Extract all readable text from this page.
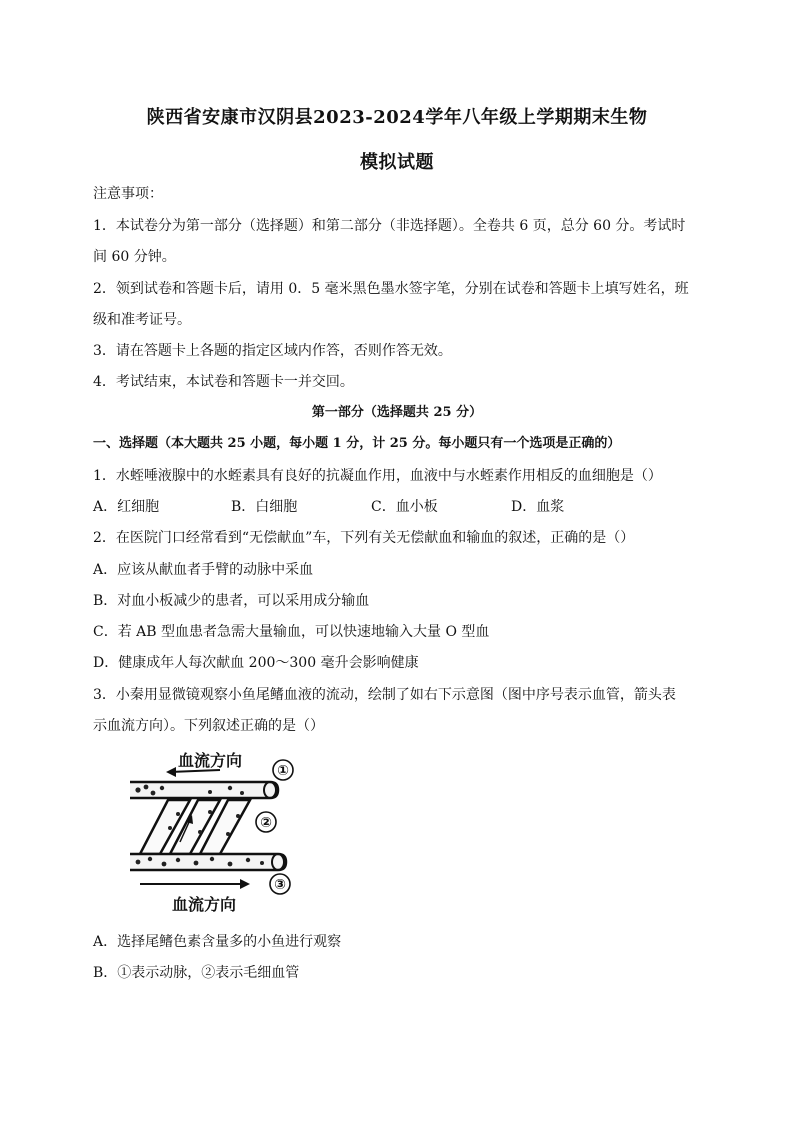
陕西省安康市汉阴县2023-2024学年八年级上学期期末生物
模拟试题
注意事项：
1．本试卷分为第一部分（选择题）和第二部分（非选择题）。全卷共 6 页，总分 60 分。考试时
间 60 分钟。
2．领到试卷和答题卡后，请用 0．5 毫米黑色墨水签字笔，分别在试卷和答题卡上填写姓名，班
级和准考证号。
3．请在答题卡上各题的指定区域内作答，否则作答无效。
4．考试结束，本试卷和答题卡一并交回。
第一部分（选择题共 25 分）
一、选择题（本大题共 25 小题，每小题 1 分，计 25 分。每小题只有一个选项是正确的）
1．水蛭唾液腺中的水蛭素具有良好的抗凝血作用，血液中与水蛭素作用相反的血细胞是（）
A．红细胞	B．白细胞	C．血小板	D．血浆
2．在医院门口经常看到“无偿献血”车，下列有关无偿献血和输血的叙述，正确的是（）
A．应该从献血者手臂的动脉中采血
B．对血小板减少的患者，可以采用成分输血
C．若 AB 型血患者急需大量输血，可以快速地输入大量 O 型血
D．健康成年人每次献血 200～300 毫升会影响健康
3．小秦用显微镜观察小鱼尾鳍血液的流动，绘制了如右下示意图（图中序号表示血管，箭头表
示血流方向）。下列叙述正确的是（）
血流方向
①
②
③
血流方向
A．选择尾鳍色素含量多的小鱼进行观察
B．①表示动脉，②表示毛细血管
